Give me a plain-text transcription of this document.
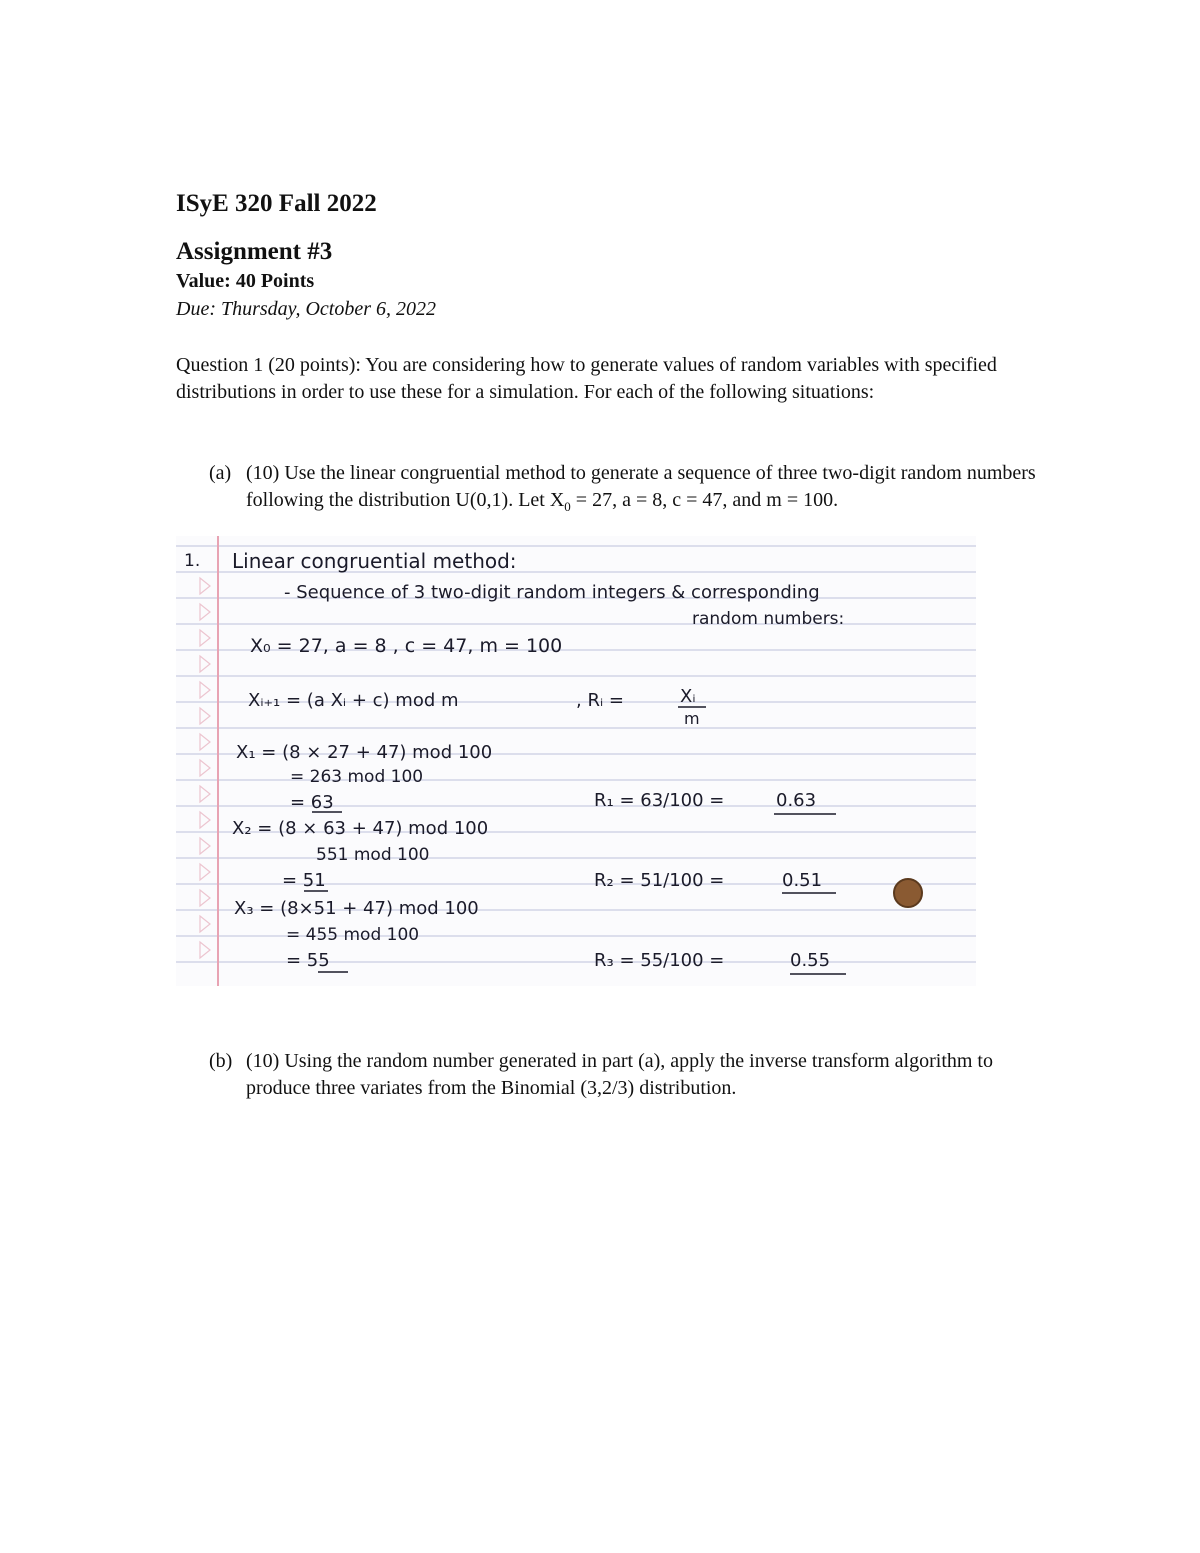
ISyE 320 Fall 2022
Assignment #3
Value: 40 Points
Due: Thursday, October 6, 2022
Question 1 (20 points): You are considering how to generate values of random variables with specified distributions in order to use these for a simulation. For each of the following situations:
(a) (10) Use the linear congruential method to generate a sequence of three two-digit random numbers following the distribution U(0,1). Let $X_0 = 27$, a = 8, c = 47, and m = 100.
1. Linear congruential method:
- Sequence of 3 two-digit random integers & corresponding
random numbers:
X₀ = 27, a = 8 , c = 47, m = 100
Xᵢ₊₁ = (a Xᵢ + c) mod m	, Rᵢ =	Xᵢ
m
X₁ = (8 × 27 + 47) mod 100
= 263 mod 100
= 63	R₁ = 63/100 =	0.63
X₂ = (8 × 63 + 47) mod 100
551 mod 100
= 51	R₂ = 51/100 =	0.51
X₃ = (8×51 + 47) mod 100
= 455 mod 100
= 55	R₃ = 55/100 =	0.55
(b) (10) Using the random number generated in part (a), apply the inverse transform algorithm to produce three variates from the Binomial (3,2/3) distribution.
